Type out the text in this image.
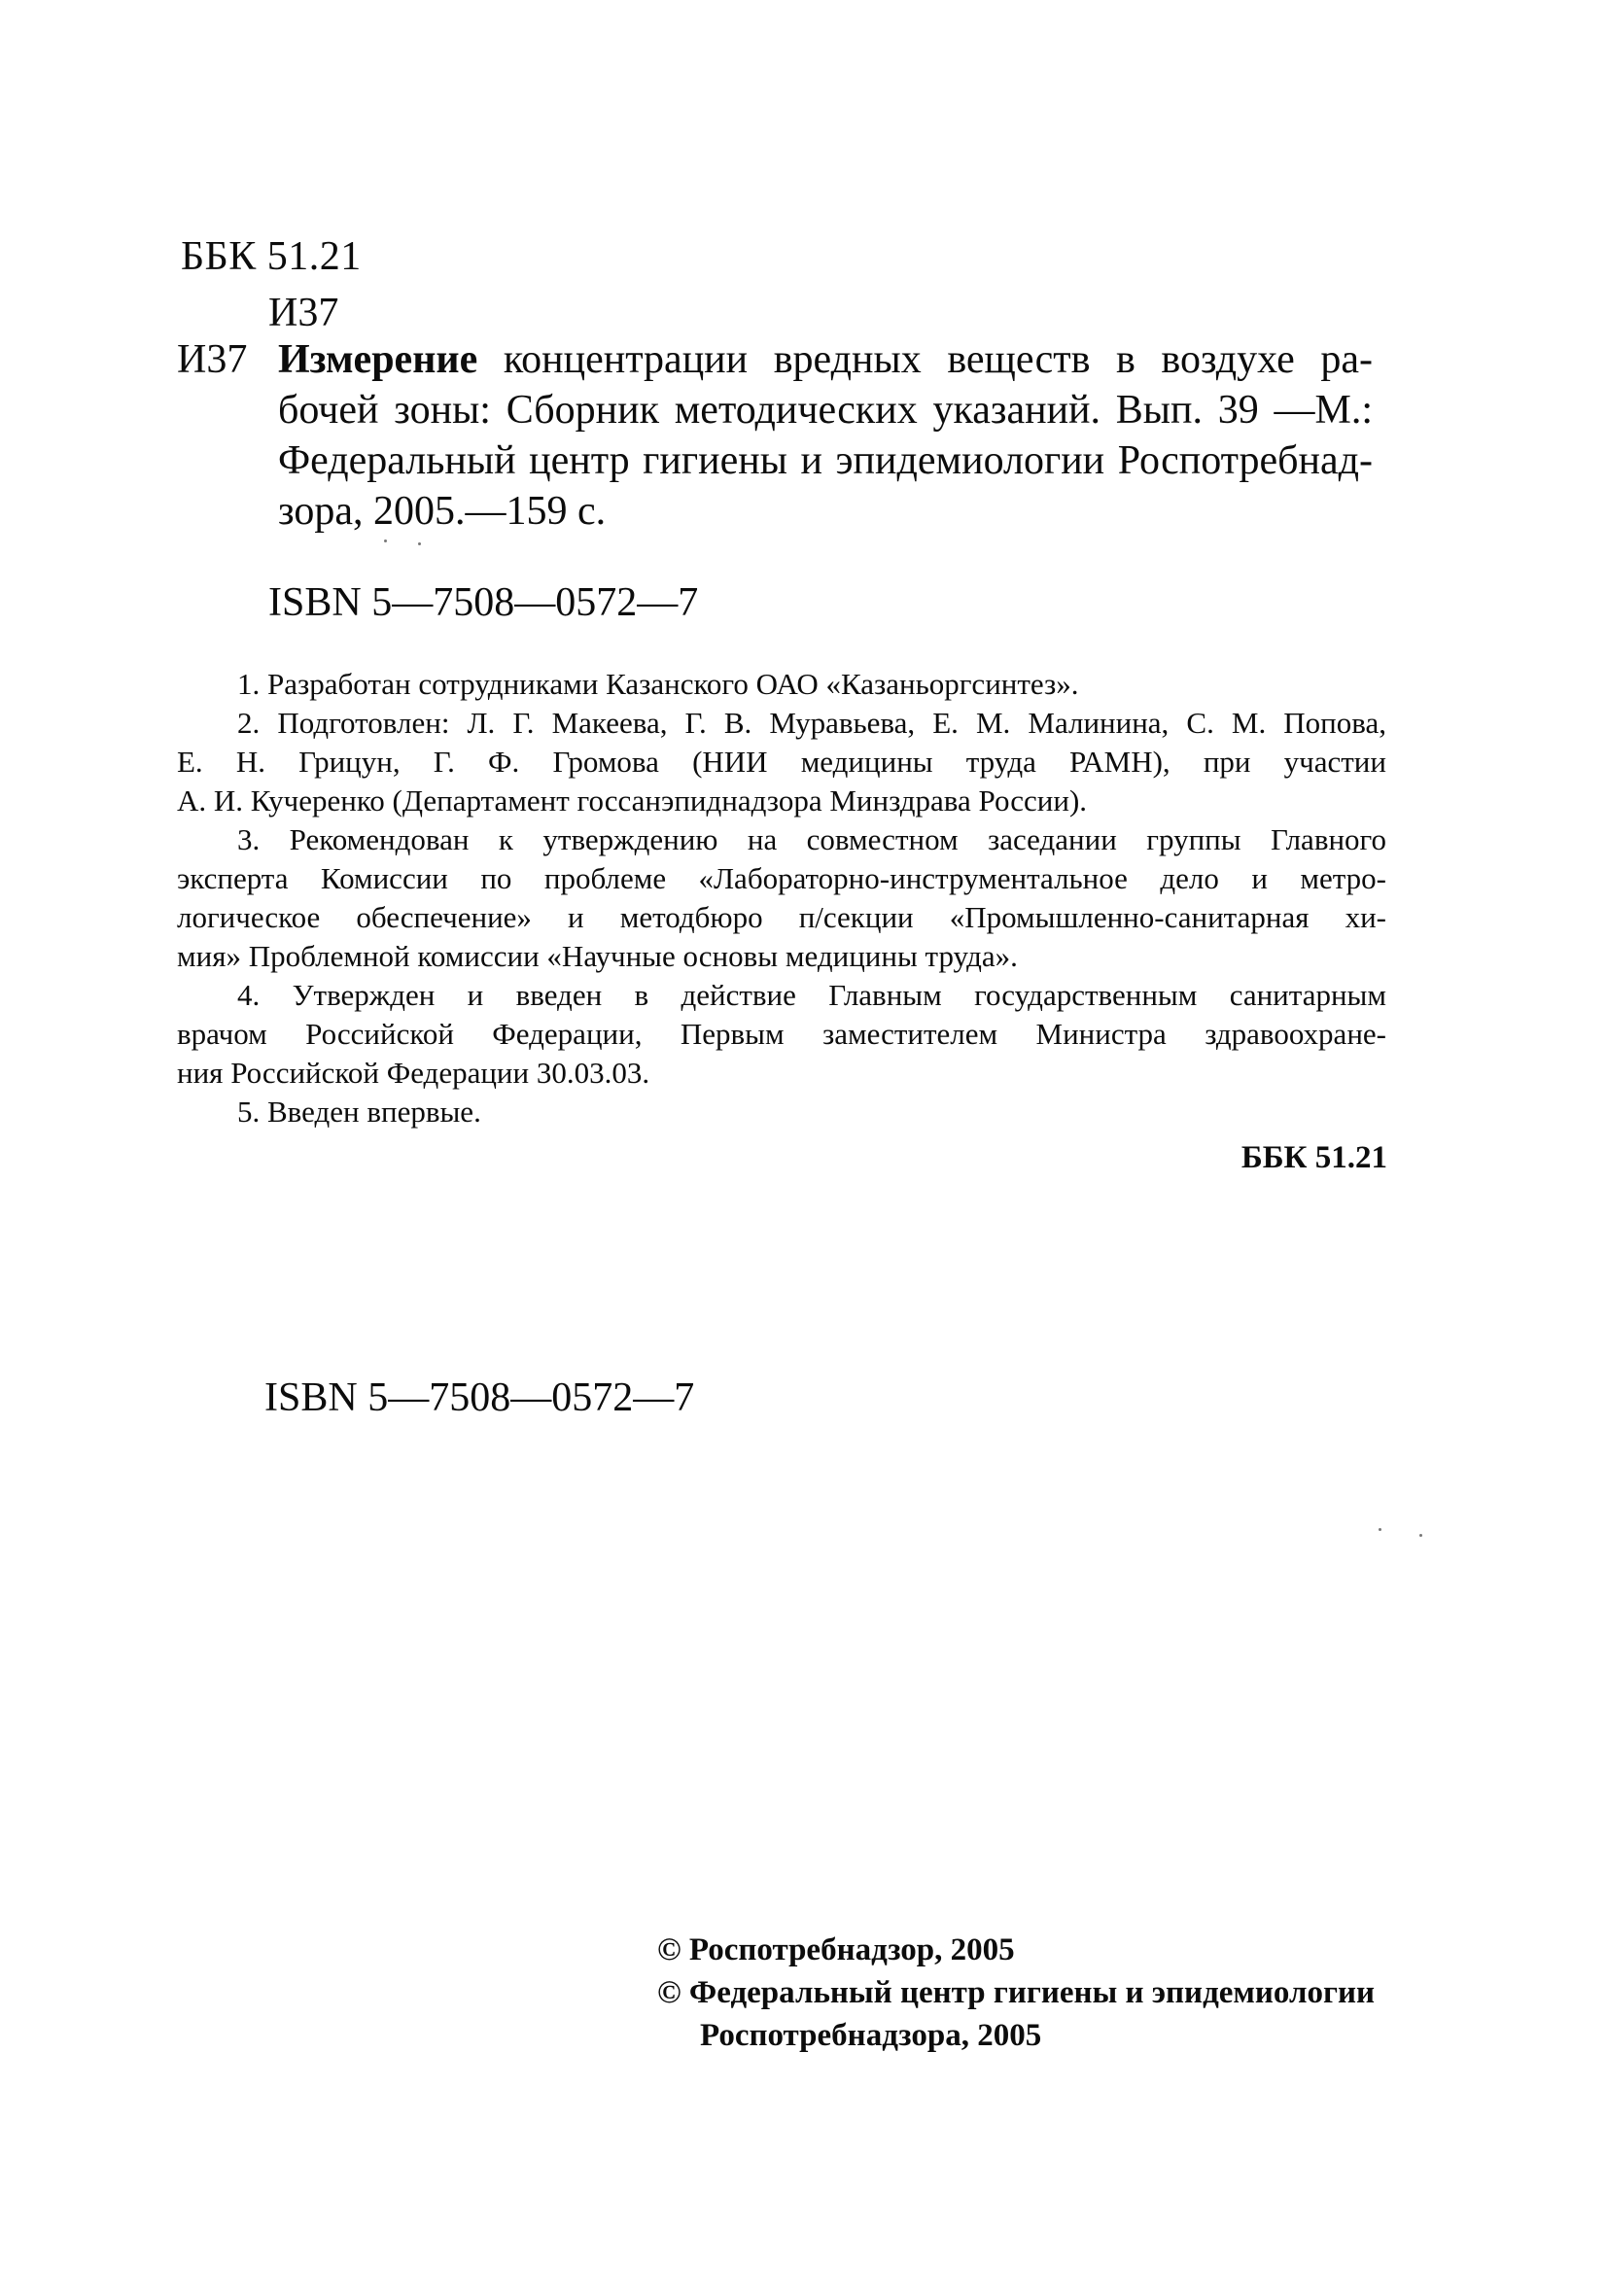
ББК 51.21
И37
И37 Измерение концентрации вредных веществ в воздухе ра-
бочей зоны: Сборник методических указаний. Вып. 39 —М.:
Федеральный центр гигиены и эпидемиологии Роспотребнад-
зора, 2005.—159 с.
ISBN 5—7508—0572—7
1. Разработан сотрудниками Казанского ОАО «Казаньоргсинтез».
2. Подготовлен: Л. Г. Макеева, Г. В. Муравьева, Е. М. Малинина, С. М. Попова,
Е. Н. Грицун, Г. Ф. Громова (НИИ медицины труда РАМН), при участии
А. И. Кучеренко (Департамент госсанэпиднадзора Минздрава России).
3. Рекомендован к утверждению на совместном заседании группы Главного
эксперта Комиссии по проблеме «Лабораторно-инструментальное дело и метро-
логическое обеспечение» и методбюро п/секции «Промышленно-санитарная хи-
мия» Проблемной комиссии «Научные основы медицины труда».
4. Утвержден и введен в действие Главным государственным санитарным
врачом Российской Федерации, Первым заместителем Министра здравоохране-
ния Российской Федерации 30.03.03.
5. Введен впервые.
ББК 51.21
ISBN 5—7508—0572—7
© Роспотребнадзор, 2005
© Федеральный центр гигиены и эпидемиологии
Роспотребнадзора, 2005
